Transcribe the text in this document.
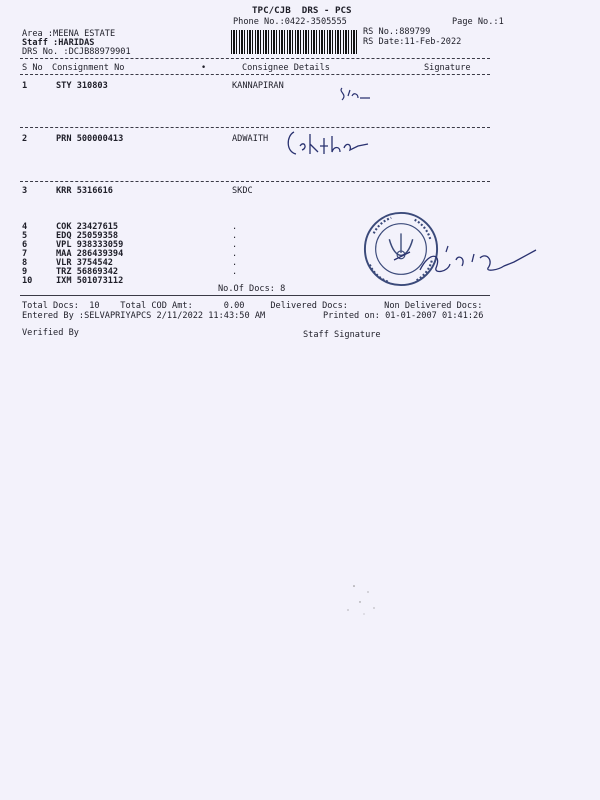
TPC/CJB  DRS - PCS
Phone No.:0422-3505555	Page No.:1
RS No.:889799
RS Date:11-Feb-2022
Area :MEENA ESTATE
Staff :HARIDAS
DRS No. :DCJB88979901
S No Consignment No	Consignee Details	Signature
•
1	STY 310803	KANNAPIRAN
2	PRN 500000413	ADWAITH
3	KRR 5316616	SKDC
4	COK 23427615	.
5	EDQ 25059358	.
6	VPL 938333059	.
7	MAA 286439394	.
8	VLR 3754542	.
9	TRZ 56869342	.
10	IXM 501073112
No.Of Docs: 8
Total Docs:  10    Total COD Amt:      0.00     Delivered Docs:       Non Delivered Docs:
Entered By :SELVAPRIYAPCS 2/11/2022 11:43:50 AM	Printed on: 01-01-2007 01:41:26
Verified By	Staff Signature
